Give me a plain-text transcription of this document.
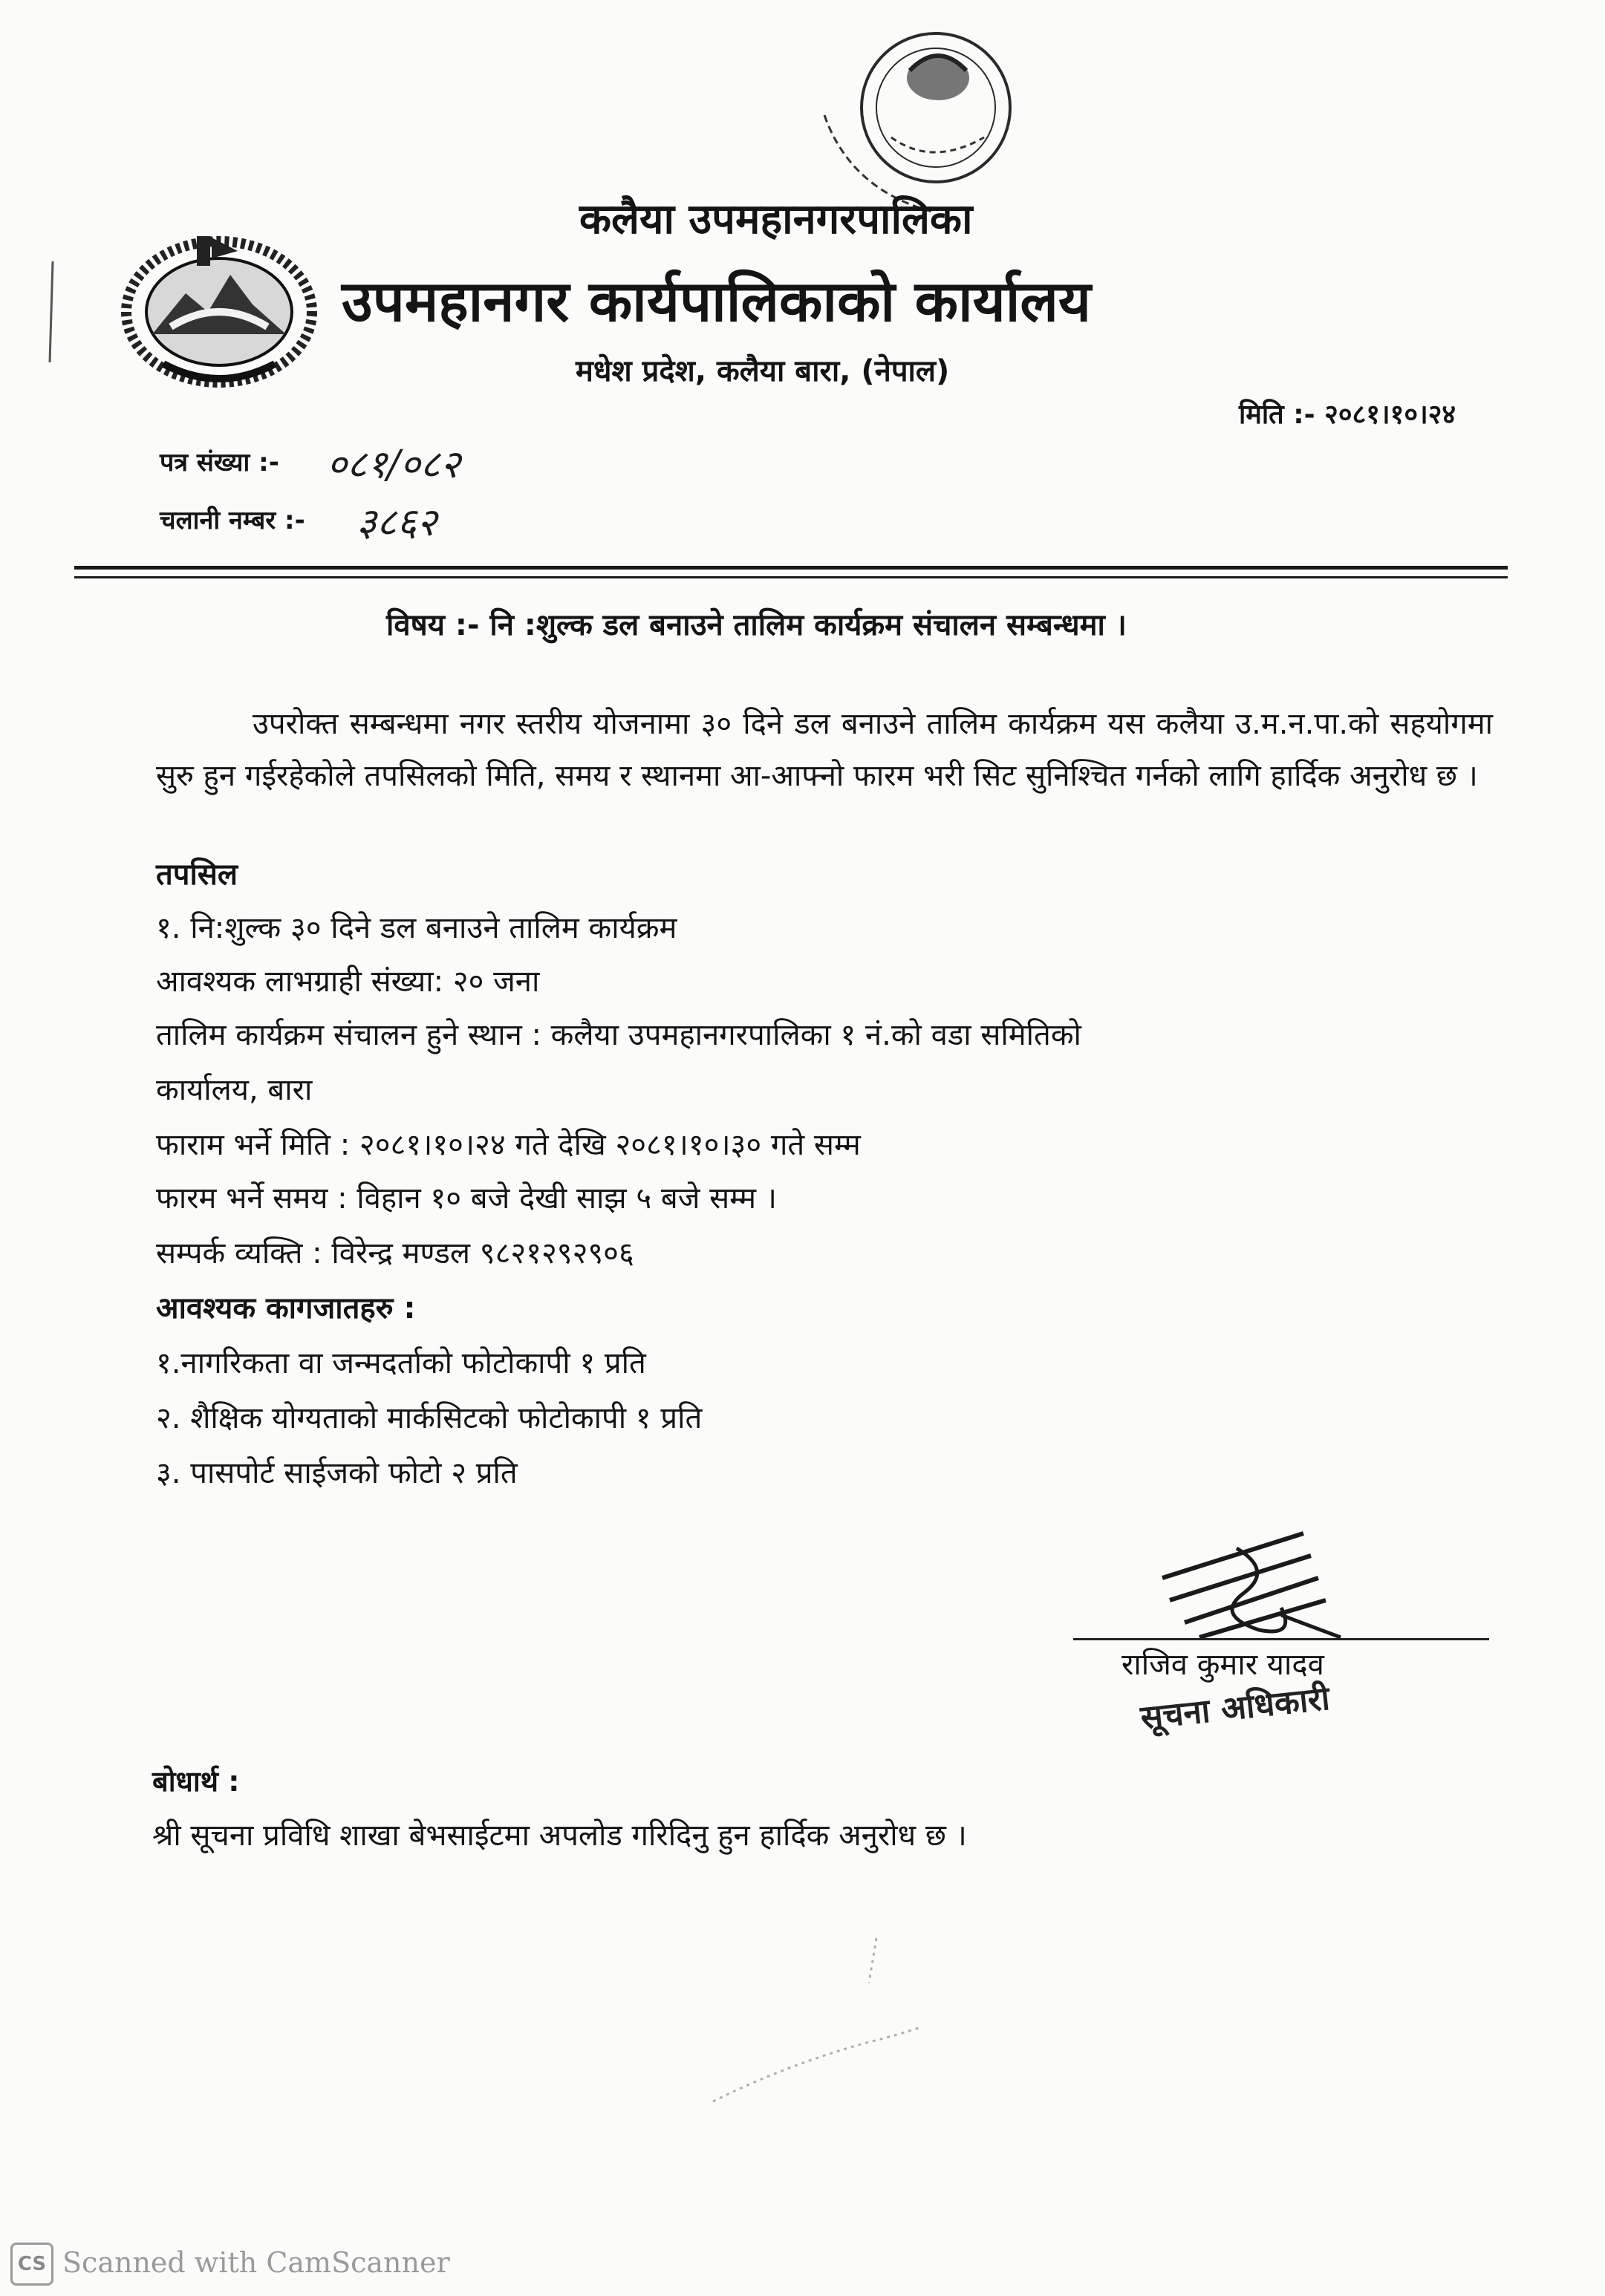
कलैया उपमहानगरपालिका
उपमहानगर कार्यपालिकाको कार्यालय
मधेश प्रदेश, कलैया बारा, (नेपाल)
मिति :- २०८१।१०।२४
पत्र संख्या :- ०८१/०८२
चलानी नम्बर :- ३८६२
विषय :- नि :शुल्क डल बनाउने तालिम कार्यक्रम संचालन सम्बन्धमा ।
उपरोक्त सम्बन्धमा नगर स्तरीय योजनामा ३० दिने डल बनाउने तालिम कार्यक्रम यस कलैया उ.म.न.पा.को सहयोगमा सुरु हुन गईरहेकोले तपसिलको मिति, समय र स्थानमा आ-आफ्नो फारम भरी सिट सुनिश्चित गर्नको लागि हार्दिक अनुरोध छ ।
तपसिल
१. नि:शुल्क ३० दिने डल बनाउने तालिम कार्यक्रम
आवश्यक लाभग्राही संख्या: २० जना
तालिम कार्यक्रम संचालन हुने स्थान : कलैया उपमहानगरपालिका १ नं.को वडा समितिको
कार्यालय, बारा
फाराम भर्ने मिति : २०८१।१०।२४ गते देखि २०८१।१०।३० गते सम्म
फारम भर्ने समय : विहान १० बजे देखी साझ ५ बजे सम्म ।
सम्पर्क व्यक्ति : विरेन्द्र मण्डल ९८२१२९२९०६
आवश्यक कागजातहरु :
१.नागरिकता वा जन्मदर्ताको फोटोकापी १ प्रति
२. शैक्षिक योग्यताको मार्कसिटको फोटोकापी १ प्रति
३. पासपोर्ट साईजको फोटो २ प्रति
राजिव कुमार यादव
सूचना अधिकारी
बोधार्थ :
श्री सूचना प्रविधि शाखा बेभसाईटमा अपलोड गरिदिनु हुन हार्दिक अनुरोध छ ।
CS Scanned with CamScanner
